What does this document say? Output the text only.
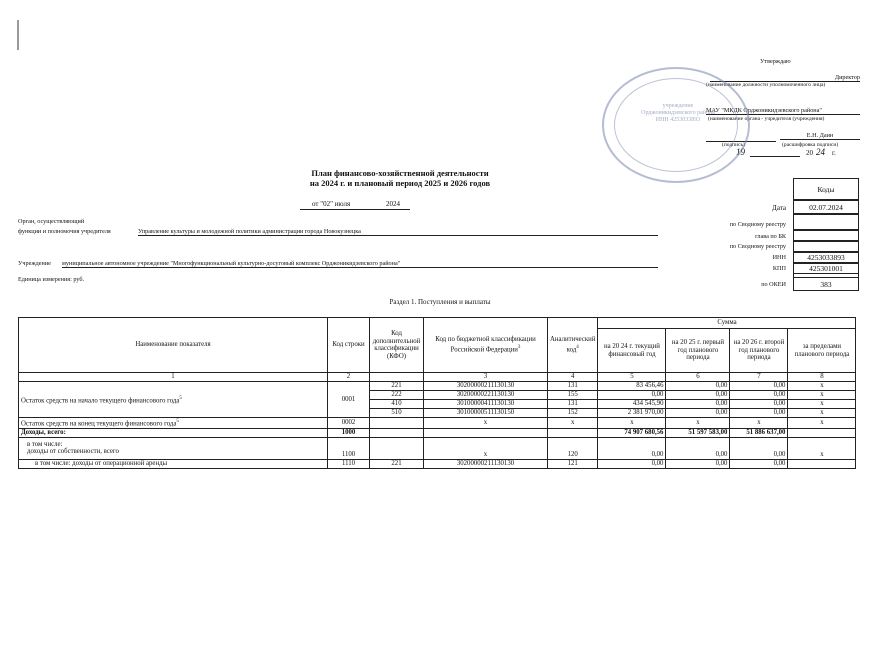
Утверждаю
Директор
(наименование должности уполномоченного лица)
МАУ "МКДК Орджоникидзевского района"
(наименование органа - учредителя (учреждения)
Е.Н. Даин
(подпись)	(расшифровка подписи)
19	20 24 г.
учреждение
Орджоникидзевского района
ИНН 4253033893
План финансово-хозяйственной деятельности
на 2024 г. и плановый период 2025 и 2026 годов
от "02" июля	2024
Коды
Дата	02.07.2024
по Сводному реестру
глава по БК
по Сводному реестру
ИНН	4253033893
КПП	425301001
по ОКЕИ	383
Орган, осуществляющий
функции и полномочия учредителя	Управление культуры и молодежной политики администрации города Новокузнецка
Учреждение муниципальное автономное учреждение "Многофункциональный культурно-досуговый комплекс Орджоникидзевского района"
Единица измерения: руб.
Раздел 1. Поступления и выплаты
Наименование показателя	Код строки	Код дополнительной классификации (КФО)	Код по бюджетной классификации Российской Федерации$^3$	Аналитический код$^4$	Сумма			
					на 20 24 г. текущий финансовый год	на 20 25 г. первый год планового периода	на 20 26 г. второй год планового периода	за пределами планового периода
1	2		3	4	5	6	7	8
Остаток средств на начало текущего финансового года$^5$	0001	221	30200000211130130	131	83 456,46	0,00	0,00	x
		222	30200000221130130	155	0,00	0,00	0,00	x
		410	30100000411130130	131	434 545,90	0,00	0,00	x
		510	30100000511130150	152	2 381 970,00	0,00	0,00	x
Остаток средств на конец текущего финансового года$^5$	0002		x	x	x	x	x	x
Доходы, всего:	1000				74 907 680,56	51 597 583,00	51 886 637,00	

в том числе:
доходы от собственности, всего	1100		x	120	0,00	0,00	0,00	x
в том числе: доходы от операционной аренды	1110	221	30200000211130130	121	0,00	0,00	0,00	
